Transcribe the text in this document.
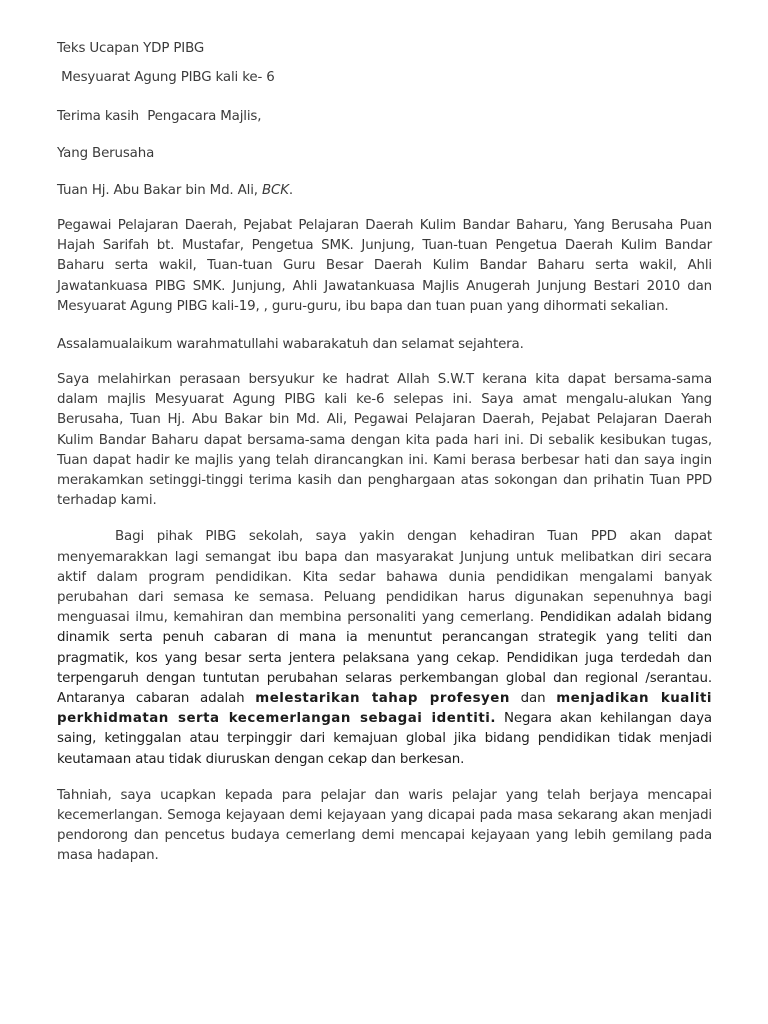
Teks Ucapan YDP PIBG

Mesyuarat Agung PIBG kali ke- 6

Terima kasih  Pengacara Majlis,

Yang Berusaha

Tuan Hj. Abu Bakar bin Md. Ali, BCK.

Pegawai Pelajaran Daerah, Pejabat Pelajaran Daerah Kulim Bandar Baharu, Yang Berusaha Puan Hajah Sarifah bt. Mustafar, Pengetua SMK. Junjung, Tuan-tuan Pengetua Daerah Kulim Bandar Baharu serta wakil, Tuan-tuan Guru Besar Daerah Kulim Bandar Baharu serta wakil, Ahli Jawatankuasa PIBG SMK. Junjung, Ahli Jawatankuasa Majlis Anugerah Junjung Bestari 2010 dan Mesyuarat Agung PIBG kali-19, , guru-guru, ibu bapa dan tuan puan yang dihormati sekalian.

Assalamualaikum warahmatullahi wabarakatuh dan selamat sejahtera.

Saya melahirkan perasaan bersyukur ke hadrat Allah S.W.T kerana kita dapat bersama-sama dalam majlis Mesyuarat Agung PIBG kali ke-6 selepas ini. Saya amat mengalu-alukan Yang Berusaha, Tuan Hj. Abu Bakar bin Md. Ali, Pegawai Pelajaran Daerah, Pejabat Pelajaran Daerah Kulim Bandar Baharu dapat bersama-sama dengan kita pada hari ini. Di sebalik kesibukan tugas, Tuan dapat hadir ke majlis yang telah dirancangkan ini. Kami berasa berbesar hati dan saya ingin merakamkan setinggi-tinggi terima kasih dan penghargaan atas sokongan dan prihatin Tuan PPD terhadap kami.

Bagi pihak PIBG sekolah, saya yakin dengan kehadiran Tuan PPD akan dapat menyemarakkan lagi semangat ibu bapa dan masyarakat Junjung untuk melibatkan diri secara aktif dalam program pendidikan. Kita sedar bahawa dunia pendidikan mengalami banyak perubahan dari semasa ke semasa. Peluang pendidikan harus digunakan sepenuhnya bagi menguasai ilmu, kemahiran dan membina personaliti yang cemerlang. Pendidikan adalah bidang dinamik serta penuh cabaran di mana ia menuntut perancangan strategik yang teliti dan pragmatik, kos yang besar serta jentera pelaksana yang cekap. Pendidikan juga terdedah dan terpengaruh dengan tuntutan perubahan selaras perkembangan global dan regional /serantau. Antaranya cabaran adalah melestarikan tahap profesyen dan menjadikan kualiti perkhidmatan serta kecemerlangan sebagai identiti. Negara akan kehilangan daya saing, ketinggalan atau terpinggir dari kemajuan global jika bidang pendidikan tidak menjadi keutamaan atau tidak diuruskan dengan cekap dan berkesan.

Tahniah, saya ucapkan kepada para pelajar dan waris pelajar yang telah berjaya mencapai kecemerlangan. Semoga kejayaan demi kejayaan yang dicapai pada masa sekarang akan menjadi pendorong dan pencetus budaya cemerlang demi mencapai kejayaan yang lebih gemilang pada masa hadapan.
